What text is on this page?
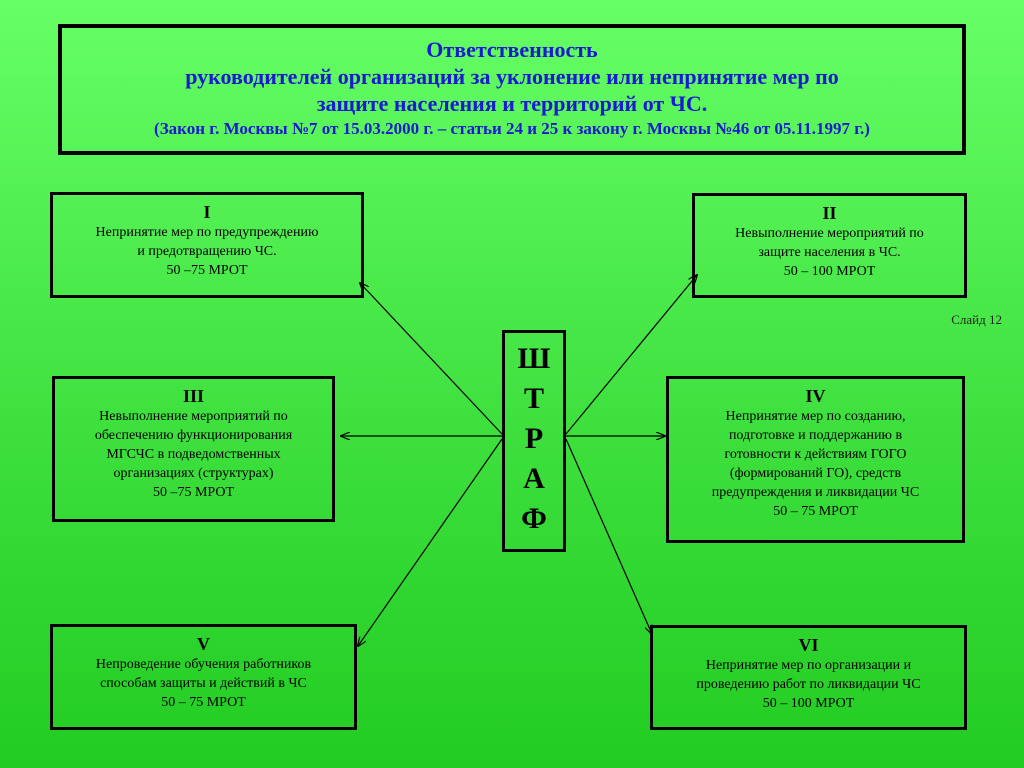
Ответственность
руководителей организаций за уклонение или непринятие мер по
защите населения и территорий от ЧС.
(Закон г. Москвы №7 от 15.03.2000 г. – статьи 24 и 25 к закону г. Москвы №46 от 05.11.1997 г.)
I
Непринятие мер по предупреждению
и предотвращению ЧС.
50 –75 МРОТ
II
Невыполнение мероприятий по
защите населения в ЧС.
50 – 100 МРОТ
III
Невыполнение мероприятий по
обеспечению функционирования
МГСЧС в подведомственных
организациях (структурах)
50 –75 МРОТ
IV
Непринятие мер по созданию,
подготовке и поддержанию в
готовности к действиям ГОГО
(формирований ГО), средств
предупреждения и ликвидации ЧС
50 – 75 МРОТ
V
Непроведение обучения работников
способам защиты и действий в ЧС
50 – 75 МРОТ
VI
Непринятие мер по организации и
проведению работ по ликвидации ЧС
50 – 100 МРОТ
Ш
Т
Р
А
Ф
Слайд 12
